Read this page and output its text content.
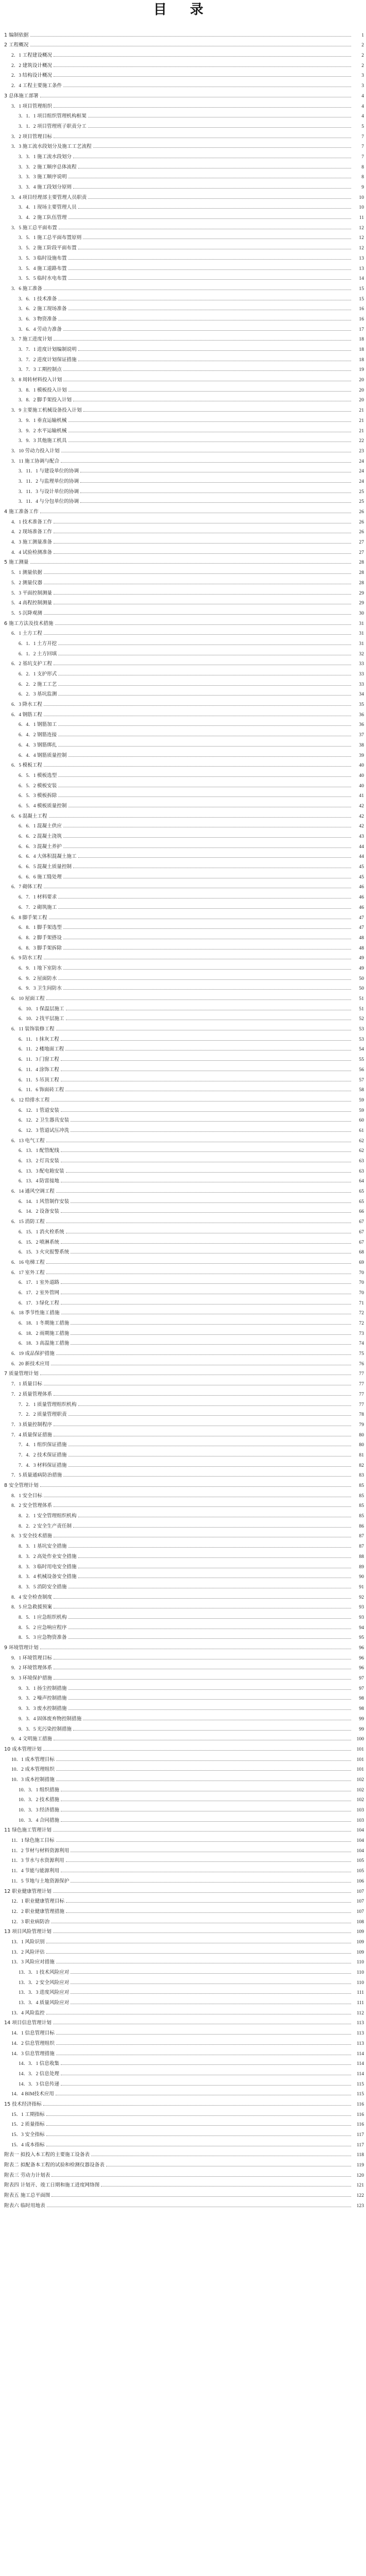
目 录
1 编制依据	1
2 工程概况	2
2．1 工程建设概况	2
2．2 建筑设计概况	2
2．3 结构设计概况	3
2．4 工程主要施工条件	3
3 总体施工部署	4
3．1 项目管理组织	4
3．1．1 项目组织管理机构框架	4
3．1．2 项目管理班子职责分工	5
3．2 项目管理目标	7
3．3 施工流水段划分及施工工艺流程	7
3．3．1 施工流水段划分	7
3．3．2 施工顺序总体流程	8
3．3．3 施工顺序说明	8
3．3．4 施工段划分原则	9
3．4 项目经理部主要管理人员职责	10
3．4．1 现场主要管理人员	10
3．4．2 施工队伍管理	11
3．5 施工总平面布置	12
3．5．1 施工总平面布置原则	12
3．5．2 施工阶段平面布置	12
3．5．3 临时设施布置	13
3．5．4 施工道路布置	13
3．5．5 临时水电布置	14
3．6 施工准备	15
3．6．1 技术准备	15
3．6．2 施工现场准备	16
3．6．3 物资准备	16
3．6．4 劳动力准备	17
3．7 施工进度计划	18
3．7．1 进度计划编制说明	18
3．7．2 进度计划保证措施	18
3．7．3 工期控制点	19
3．8 周转材料投入计划	20
3．8．1 模板投入计划	20
3．8．2 脚手架投入计划	20
3．9 主要施工机械设备投入计划	21
3．9．1 垂直运输机械	21
3．9．2 水平运输机械	21
3．9．3 其他施工机具	22
3．10 劳动力投入计划	23
3．11 施工协调与配合	24
3．11．1 与建设单位的协调	24
3．11．2 与监理单位的协调	24
3．11．3 与设计单位的协调	25
3．11．4 与分包单位的协调	25
4 施工准备工作	26
4．1 技术准备工作	26
4．2 现场准备工作	26
4．3 施工测量准备	27
4．4 试验检测准备	27
5 施工测量	28
5．1 测量依据	28
5．2 测量仪器	28
5．3 平面控制测量	29
5．4 高程控制测量	29
5．5 沉降观测	30
6 施工方法及技术措施	31
6．1 土方工程	31
6．1．1 土方开挖	31
6．1．2 土方回填	32
6．2 基坑支护工程	33
6．2．1 支护形式	33
6．2．2 施工工艺	33
6．2．3 基坑监测	34
6．3 降水工程	35
6．4 钢筋工程	36
6．4．1 钢筋加工	36
6．4．2 钢筋连接	37
6．4．3 钢筋绑扎	38
6．4．4 钢筋质量控制	39
6．5 模板工程	40
6．5．1 模板选型	40
6．5．2 模板安装	40
6．5．3 模板拆除	41
6．5．4 模板质量控制	42
6．6 混凝土工程	42
6．6．1 混凝土供应	42
6．6．2 混凝土浇筑	43
6．6．3 混凝土养护	44
6．6．4 大体积混凝土施工	44
6．6．5 混凝土质量控制	45
6．6．6 施工缝处理	45
6．7 砌体工程	46
6．7．1 材料要求	46
6．7．2 砌筑施工	46
6．8 脚手架工程	47
6．8．1 脚手架选型	47
6．8．2 脚手架搭设	48
6．8．3 脚手架拆除	48
6．9 防水工程	49
6．9．1 地下室防水	49
6．9．2 屋面防水	50
6．9．3 卫生间防水	50
6．10 屋面工程	51
6．10．1 保温层施工	51
6．10．2 找平层施工	52
6．11 装饰装修工程	53
6．11．1 抹灰工程	53
6．11．2 楼地面工程	54
6．11．3 门窗工程	55
6．11．4 涂饰工程	56
6．11．5 吊顶工程	57
6．11．6 饰面砖工程	58
6．12 给排水工程	59
6．12．1 管道安装	59
6．12．2 卫生器具安装	60
6．12．3 管道试压冲洗	61
6．13 电气工程	62
6．13．1 配管配线	62
6．13．2 灯具安装	63
6．13．3 配电箱安装	63
6．13．4 防雷接地	64
6．14 通风空调工程	65
6．14．1 风管制作安装	65
6．14．2 设备安装	66
6．15 消防工程	67
6．15．1 消火栓系统	67
6．15．2 喷淋系统	67
6．15．3 火灾报警系统	68
6．16 电梯工程	69
6．17 室外工程	70
6．17．1 室外道路	70
6．17．2 室外管网	70
6．17．3 绿化工程	71
6．18 季节性施工措施	72
6．18．1 冬期施工措施	72
6．18．2 雨期施工措施	73
6．18．3 高温施工措施	74
6．19 成品保护措施	75
6．20 新技术应用	76
7 质量管理计划	77
7．1 质量目标	77
7．2 质量管理体系	77
7．2．1 质量管理组织机构	77
7．2．2 质量管理职责	78
7．3 质量控制程序	79
7．4 质量保证措施	80
7．4．1 组织保证措施	80
7．4．2 技术保证措施	81
7．4．3 材料保证措施	82
7．5 质量通病防治措施	83
8 安全管理计划	85
8．1 安全目标	85
8．2 安全管理体系	85
8．2．1 安全管理组织机构	85
8．2．2 安全生产责任制	86
8．3 安全技术措施	87
8．3．1 基坑安全措施	87
8．3．2 高处作业安全措施	88
8．3．3 临时用电安全措施	89
8．3．4 机械设备安全措施	90
8．3．5 消防安全措施	91
8．4 安全检查制度	92
8．5 应急救援预案	93
8．5．1 应急组织机构	93
8．5．2 应急响应程序	94
8．5．3 应急物资准备	95
9 环境管理计划	96
9．1 环境管理目标	96
9．2 环境管理体系	96
9．3 环境保护措施	97
9．3．1 扬尘控制措施	97
9．3．2 噪声控制措施	98
9．3．3 废水控制措施	98
9．3．4 固体废弃物控制措施	99
9．3．5 光污染控制措施	99
9．4 文明施工措施	100
10 成本管理计划	101
10．1 成本管理目标	101
10．2 成本管理组织	101
10．3 成本控制措施	102
10．3．1 组织措施	102
10．3．2 技术措施	102
10．3．3 经济措施	103
10．3．4 合同措施	103
11 绿色施工管理计划	104
11．1 绿色施工目标	104
11．2 节材与材料资源利用	104
11．3 节水与水资源利用	105
11．4 节能与能源利用	105
11．5 节地与土地资源保护	106
12 职业健康管理计划	107
12．1 职业健康管理目标	107
12．2 职业健康管理措施	107
12．3 职业病防治	108
13 项目风险管理计划	109
13．1 风险识别	109
13．2 风险评估	109
13．3 风险应对措施	110
13．3．1 技术风险应对	110
13．3．2 安全风险应对	110
13．3．3 进度风险应对	111
13．3．4 质量风险应对	111
13．4 风险监控	112
14 项目信息管理计划	113
14．1 信息管理目标	113
14．2 信息管理组织	113
14．3 信息管理措施	114
14．3．1 信息收集	114
14．3．2 信息处理	114
14．3．3 信息传递	115
14．4 BIM技术应用	115
15 技术经济指标	116
15．1 工期指标	116
15．2 质量指标	116
15．3 安全指标	117
15．4 成本指标	117
附表一 拟投入本工程的主要施工设备表	118
附表二 拟配备本工程的试验和检测仪器设备表	119
附表三 劳动力计划表	120
附表四 计划开、竣工日期和施工进度网络图	121
附表五 施工总平面图	122
附表六 临时用地表	123
